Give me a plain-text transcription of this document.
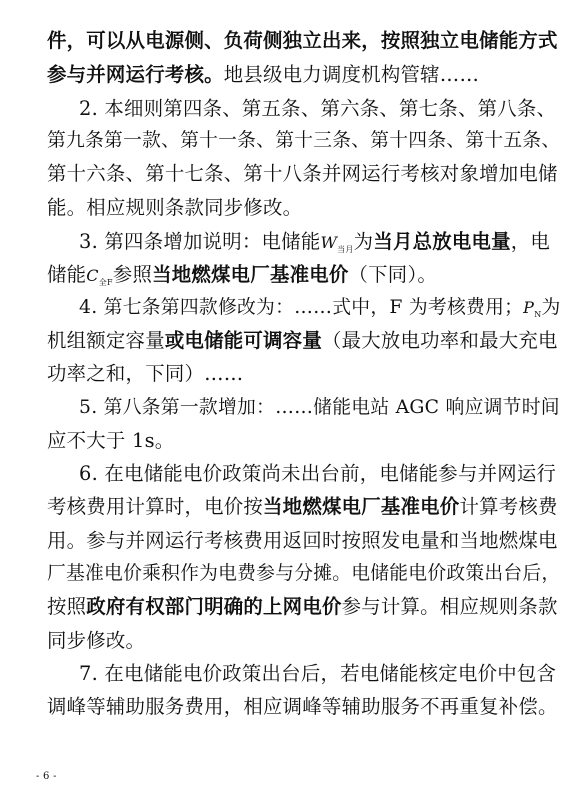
件，可以从电源侧、负荷侧独立出来，按照独立电储能方式
参与并网运行考核。地县级电力调度机构管辖……
2. 本细则第四条、第五条、第六条、第七条、第八条、
第九条第一款、第十一条、第十三条、第十四条、第十五条、
第十六条、第十七条、第十八条并网运行考核对象增加电储
能。相应规则条款同步修改。
3. 第四条增加说明：电储能$W_{当月}$为当月总放电电量，电
储能$C_{全F}$参照当地燃煤电厂基准电价（下同）。
4. 第七条第四款修改为：……式中，F 为考核费用；$P_N$为
机组额定容量或电储能可调容量（最大放电功率和最大充电
功率之和，下同）……
5. 第八条第一款增加：……储能电站 AGC 响应调节时间
应不大于 1s。
6. 在电储能电价政策尚未出台前，电储能参与并网运行
考核费用计算时，电价按当地燃煤电厂基准电价计算考核费
用。参与并网运行考核费用返回时按照发电量和当地燃煤电
厂基准电价乘积作为电费参与分摊。电储能电价政策出台后，
按照政府有权部门明确的上网电价参与计算。相应规则条款
同步修改。
7. 在电储能电价政策出台后，若电储能核定电价中包含
调峰等辅助服务费用，相应调峰等辅助服务不再重复补偿。
- 6 -
